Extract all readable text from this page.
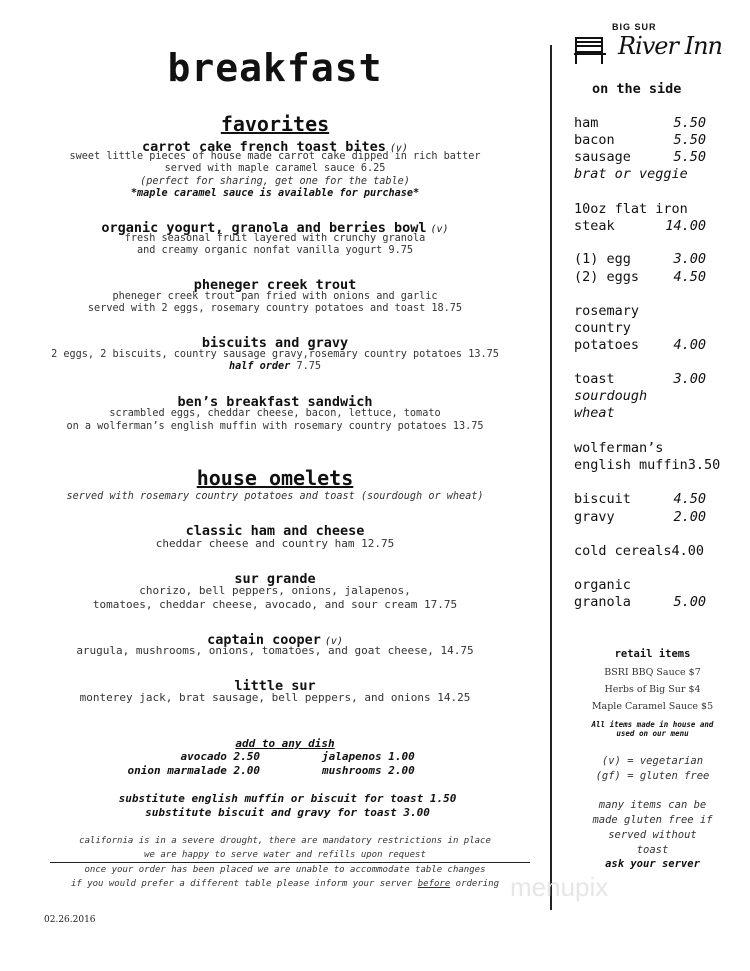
breakfast
favorites
carrot cake french toast bites (v)
sweet little pieces of house made carrot cake dipped in rich batter
served with maple caramel sauce 6.25
(perfect for sharing, get one for the table)
*maple caramel sauce is available for purchase*
organic yogurt, granola and berries bowl (v)
fresh seasonal fruit layered with crunchy granola
and creamy organic nonfat vanilla yogurt 9.75
pheneger creek trout
pheneger creek trout pan fried with onions and garlic
served with 2 eggs, rosemary country potatoes and toast 18.75
biscuits and gravy
2 eggs, 2 biscuits, country sausage gravy,rosemary country potatoes 13.75
half order 7.75
ben’s breakfast sandwich
scrambled eggs, cheddar cheese, bacon, lettuce, tomato
on a wolferman’s english muffin with rosemary country potatoes 13.75
house omelets
served with rosemary country potatoes and toast (sourdough or wheat)
classic ham and cheese
cheddar cheese and country ham 12.75
sur grande
chorizo, bell peppers, onions, jalapenos,
tomatoes, cheddar cheese, avocado, and sour cream 17.75
captain cooper (v)
arugula, mushrooms, onions, tomatoes, and goat cheese, 14.75
little sur
monterey jack, brat sausage, bell peppers, and onions 14.25
add to any dish
avocado 2.50	jalapenos 1.00
onion marmalade 2.00	mushrooms 2.00
substitute english muffin or biscuit for toast 1.50
substitute biscuit and gravy for toast 3.00
california is in a severe drought, there are mandatory restrictions in place
we are happy to serve water and refills upon request
once your order has been placed we are unable to accommodate table changes
if you would prefer a different table please inform your server before ordering
02.26.2016
BIG SUR
River Inn
on the side
ham	5.50
bacon	5.50
sausage	5.50
brat or veggie
10oz flat iron
steak	14.00
(1) egg	3.00
(2) eggs	4.50
rosemary
country
potatoes	4.00
toast	3.00
sourdough
wheat
wolferman’s
english muffin3.50
biscuit	4.50
gravy	2.00
cold cereals4.00
organic
granola	5.00
retail items
BSRI BBQ Sauce $7
Herbs of Big Sur $4
Maple Caramel Sauce $5
All items made in house and
used on our menu
(v) = vegetarian
(gf) = gluten free
many items can be
made gluten free if
served without
toast
ask your server
menupix
